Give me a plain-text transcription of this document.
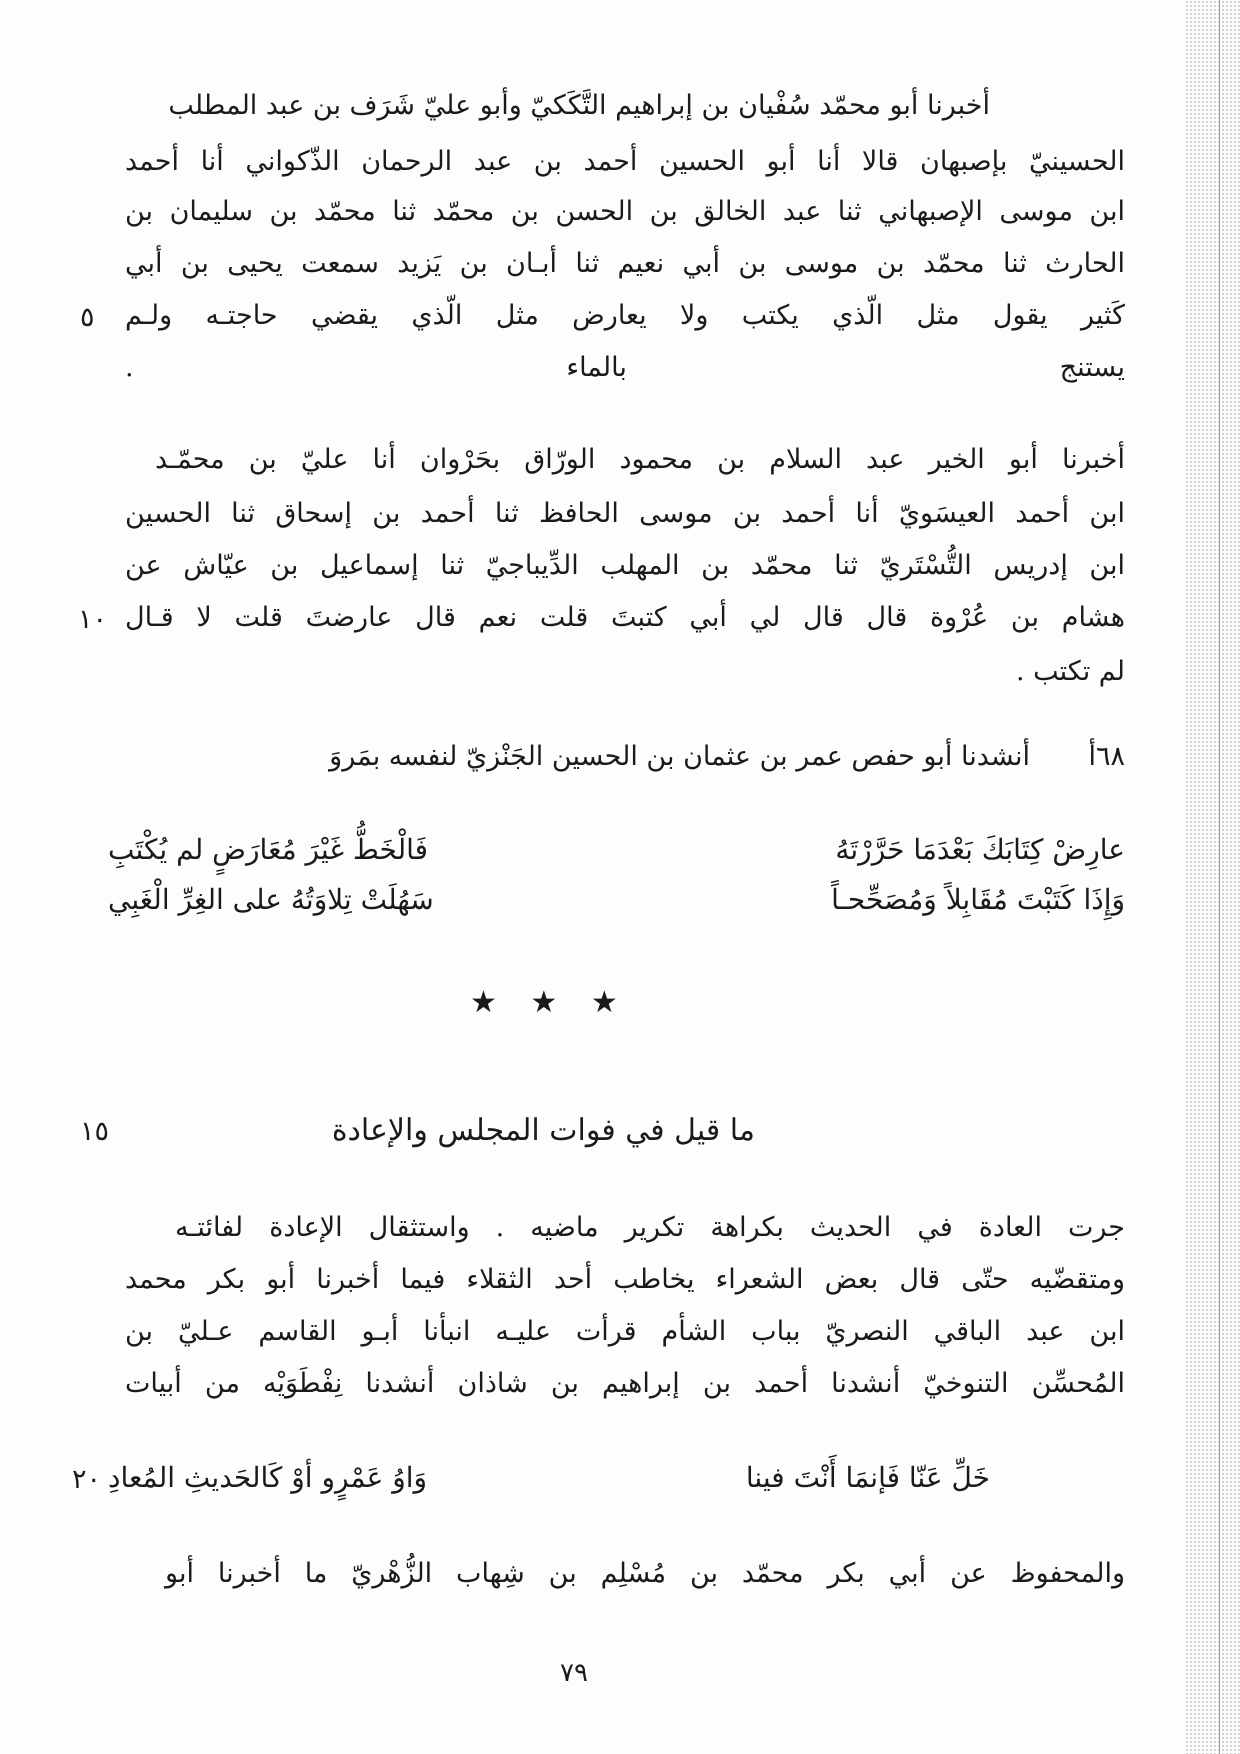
أخبرنا أبو محمّد سُفْيان بن إبراهيم التَّكَكيّ وأبو عليّ شَرَف بن عبد المطلب
الحسينيّ بإصبهان قالا أنا أبو الحسين أحمد بن عبد الرحمان الذّكواني أنا أحمد
ابن موسى الإصبهاني ثنا عبد الخالق بن الحسن بن محمّد ثنا محمّد بن سليمان بن
الحارث ثنا محمّد بن موسى بن أبي نعيم ثنا أبـان بن يَزيد سمعت يحيى بن أبي
كَثير يقول مثل الّذي يكتب ولا يعارض مثل الّذي يقضي حاجتـه ولـم
يستنج بالماء .
٥
أخبرنا أبو الخير عبد السلام بن محمود الورّاق بحَرْوان أنا عليّ بن محمّـد
ابن أحمد العيسَويّ أنا أحمد بن موسى الحافظ ثنا أحمد بن إسحاق ثنا الحسين
ابن إدريس التُّسْتَريّ ثنا محمّد بن المهلب الدِّيباجيّ ثنا إسماعيل بن عيّاش عن
هشام بن عُرْوة قال قال لي أبي كتبتَ قلت نعم قال عارضتَ قلت لا قـال
لم تكتب .
١٠
٦٨أ
أنشدنا أبو حفص عمر بن عثمان بن الحسين الجَنْزيّ لنفسه بمَروَ
عارِضْ كِتَابَكَ بَعْدَمَا حَرَّرْتَهُ
فَالْخَطُّ غَيْرَ مُعَارَضٍ لم يُكْتَبِ
وَإِذَا كَتَبْتَ مُقَابِلاً وَمُصَحِّحـاً
سَهُلَتْ تِلاوَتُهُ على الغِرِّ الْغَبِي
★ ★ ★
ما قيل في فوات المجلس والإعادة
١٥
جرت العادة في الحديث بكراهة تكرير ماضيه . واستثقال الإعادة لفائتـه
ومتقضّيه حتّى قال بعض الشعراء يخاطب أحد الثقلاء فيما أخبرنا أبو بكر محمد
ابن عبد الباقي النصريّ بباب الشأم قرأت عليـه انبأنا أبـو القاسم عـليّ بن
المُحسِّن التنوخيّ أنشدنا أحمد بن إبراهيم بن شاذان أنشدنا نِفْطَوَيْه من أبيات
خَلِّ عَنّا فَإنمَا أَنْتَ فينا
وَاوُ عَمْرٍو أوْ كَالحَديثِ المُعادِ
٢٠
والمحفوظ عن أبي بكر محمّد بن مُسْلِم بن شِهاب الزُّهْريّ ما أخبرنا أبو
٧٩
